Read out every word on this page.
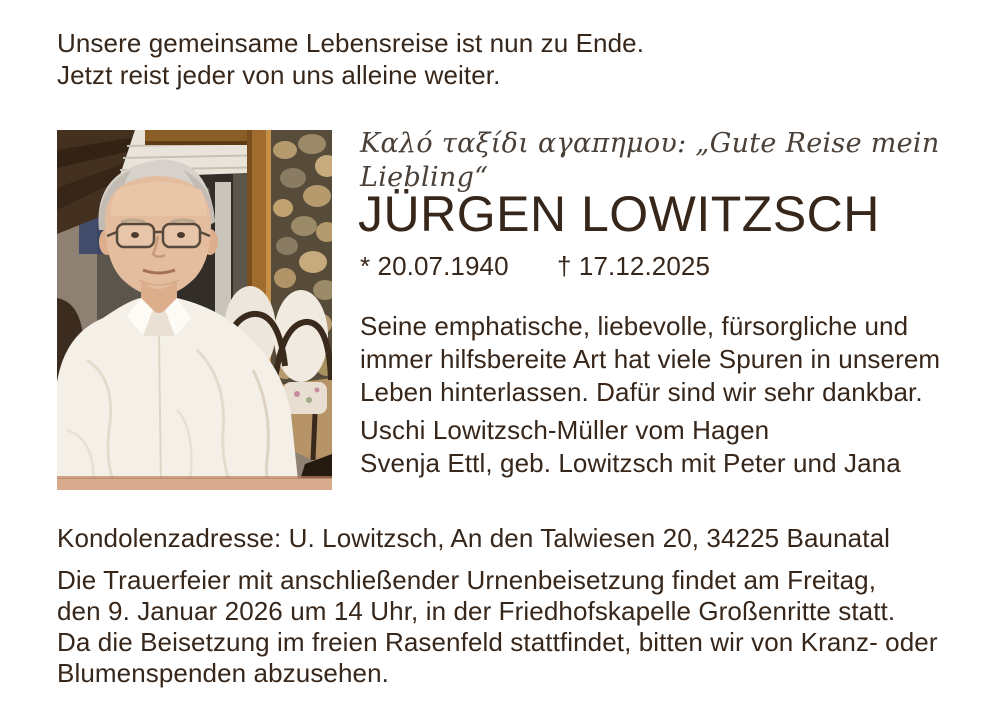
Unsere gemeinsame Lebensreise ist nun zu Ende.
Jetzt reist jeder von uns alleine weiter.
Καλό ταξίδι αγαπημου: „Gute Reise mein Liebling“
JÜRGEN LOWITZSCH
* 20.07.1940	† 17.12.2025
Seine emphatische, liebevolle, fürsorgliche und
immer hilfsbereite Art hat viele Spuren in unserem
Leben hinterlassen. Dafür sind wir sehr dankbar.
Uschi Lowitzsch-Müller vom Hagen
Svenja Ettl, geb. Lowitzsch mit Peter und Jana
Kondolenzadresse: U. Lowitzsch, An den Talwiesen 20, 34225 Baunatal
Die Trauerfeier mit anschließender Urnenbeisetzung findet am Freitag,
den 9. Januar 2026 um 14 Uhr, in der Friedhofskapelle Großenritte statt.
Da die Beisetzung im freien Rasenfeld stattfindet, bitten wir von Kranz- oder
Blumenspenden abzusehen.
